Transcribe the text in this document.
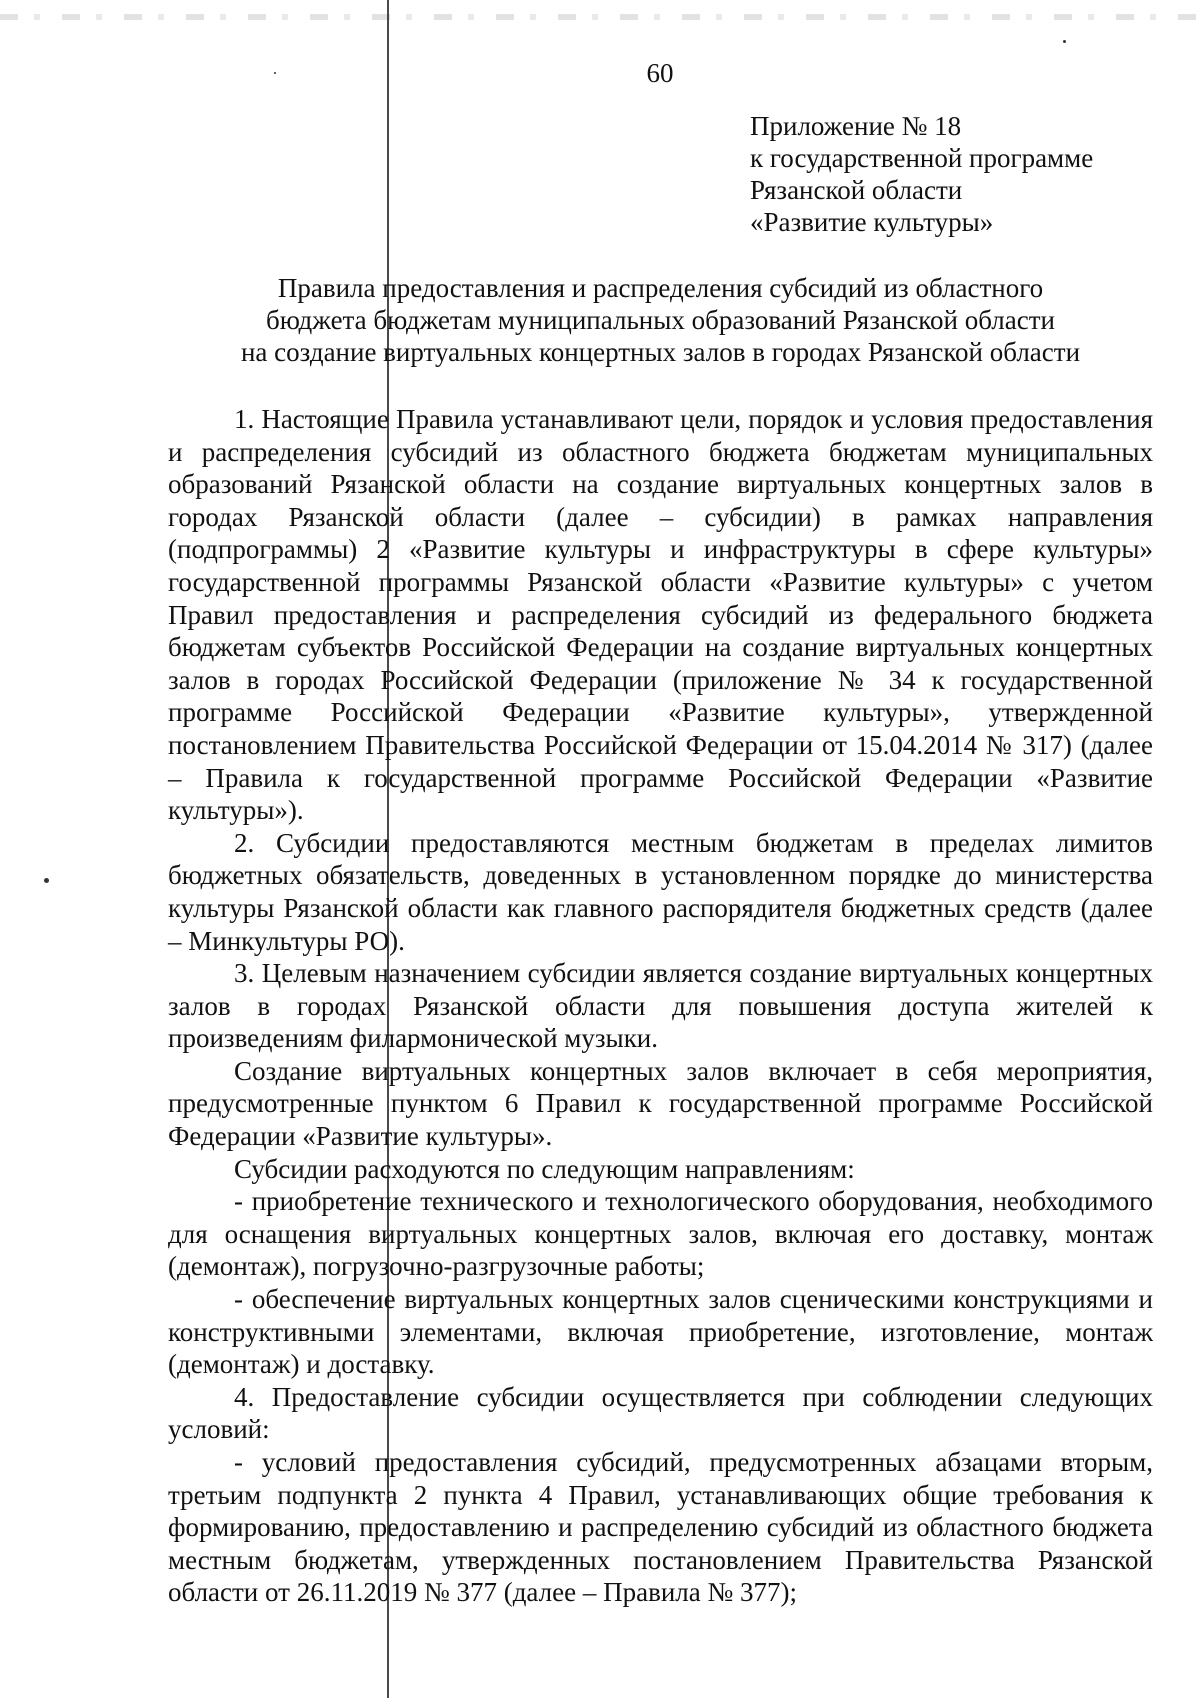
60
Приложение № 18
к государственной программе
Рязанской области
«Развитие культуры»
Правила предоставления и распределения субсидий из областного
бюджета бюджетам муниципальных образований Рязанской области
на создание виртуальных концертных залов в городах Рязанской области

1. Настоящие Правила устанавливают цели, порядок и условия предоставления и распределения субсидий из областного бюджета бюджетам муниципальных образований Рязанской области на создание виртуальных концертных залов в городах Рязанской области (далее – субсидии) в рамках направления (подпрограммы) 2 «Развитие культуры и инфраструктуры в сфере культуры» государственной программы Рязанской области «Развитие культуры» с учетом Правил предоставления и распределения субсидий из федерального бюджета бюджетам субъектов Российской Федерации на создание виртуальных концертных залов в городах Российской Федерации (приложение № 34 к государственной программе Российской Федерации «Развитие культуры», утвержденной постановлением Правительства Российской Федерации от 15.04.2014 № 317) (далее – Правила к государственной программе Российской Федерации «Развитие культуры»).

2. Субсидии предоставляются местным бюджетам в пределах лимитов бюджетных обязательств, доведенных в установленном порядке до министерства культуры Рязанской области как главного распорядителя бюджетных средств (далее – Минкультуры РО).

3. Целевым назначением субсидии является создание виртуальных концертных залов в городах Рязанской области для повышения доступа жителей к произведениям филармонической музыки.

Создание виртуальных концертных залов включает в себя мероприятия, предусмотренные пунктом 6 Правил к государственной программе Российской Федерации «Развитие культуры».

Субсидии расходуются по следующим направлениям:

- приобретение технического и технологического оборудования, необходимого для оснащения виртуальных концертных залов, включая его доставку, монтаж (демонтаж), погрузочно-разгрузочные работы;

- обеспечение виртуальных концертных залов сценическими конструкциями и конструктивными элементами, включая приобретение, изготовление, монтаж (демонтаж) и доставку.

4. Предоставление субсидии осуществляется при соблюдении следующих условий:

- условий предоставления субсидий, предусмотренных абзацами вторым, третьим подпункта 2 пункта 4 Правил, устанавливающих общие требования к формированию, предоставлению и распределению субсидий из областного бюджета местным бюджетам, утвержденных постановлением Правительства Рязанской области от 26.11.2019 № 377 (далее – Правила № 377);
